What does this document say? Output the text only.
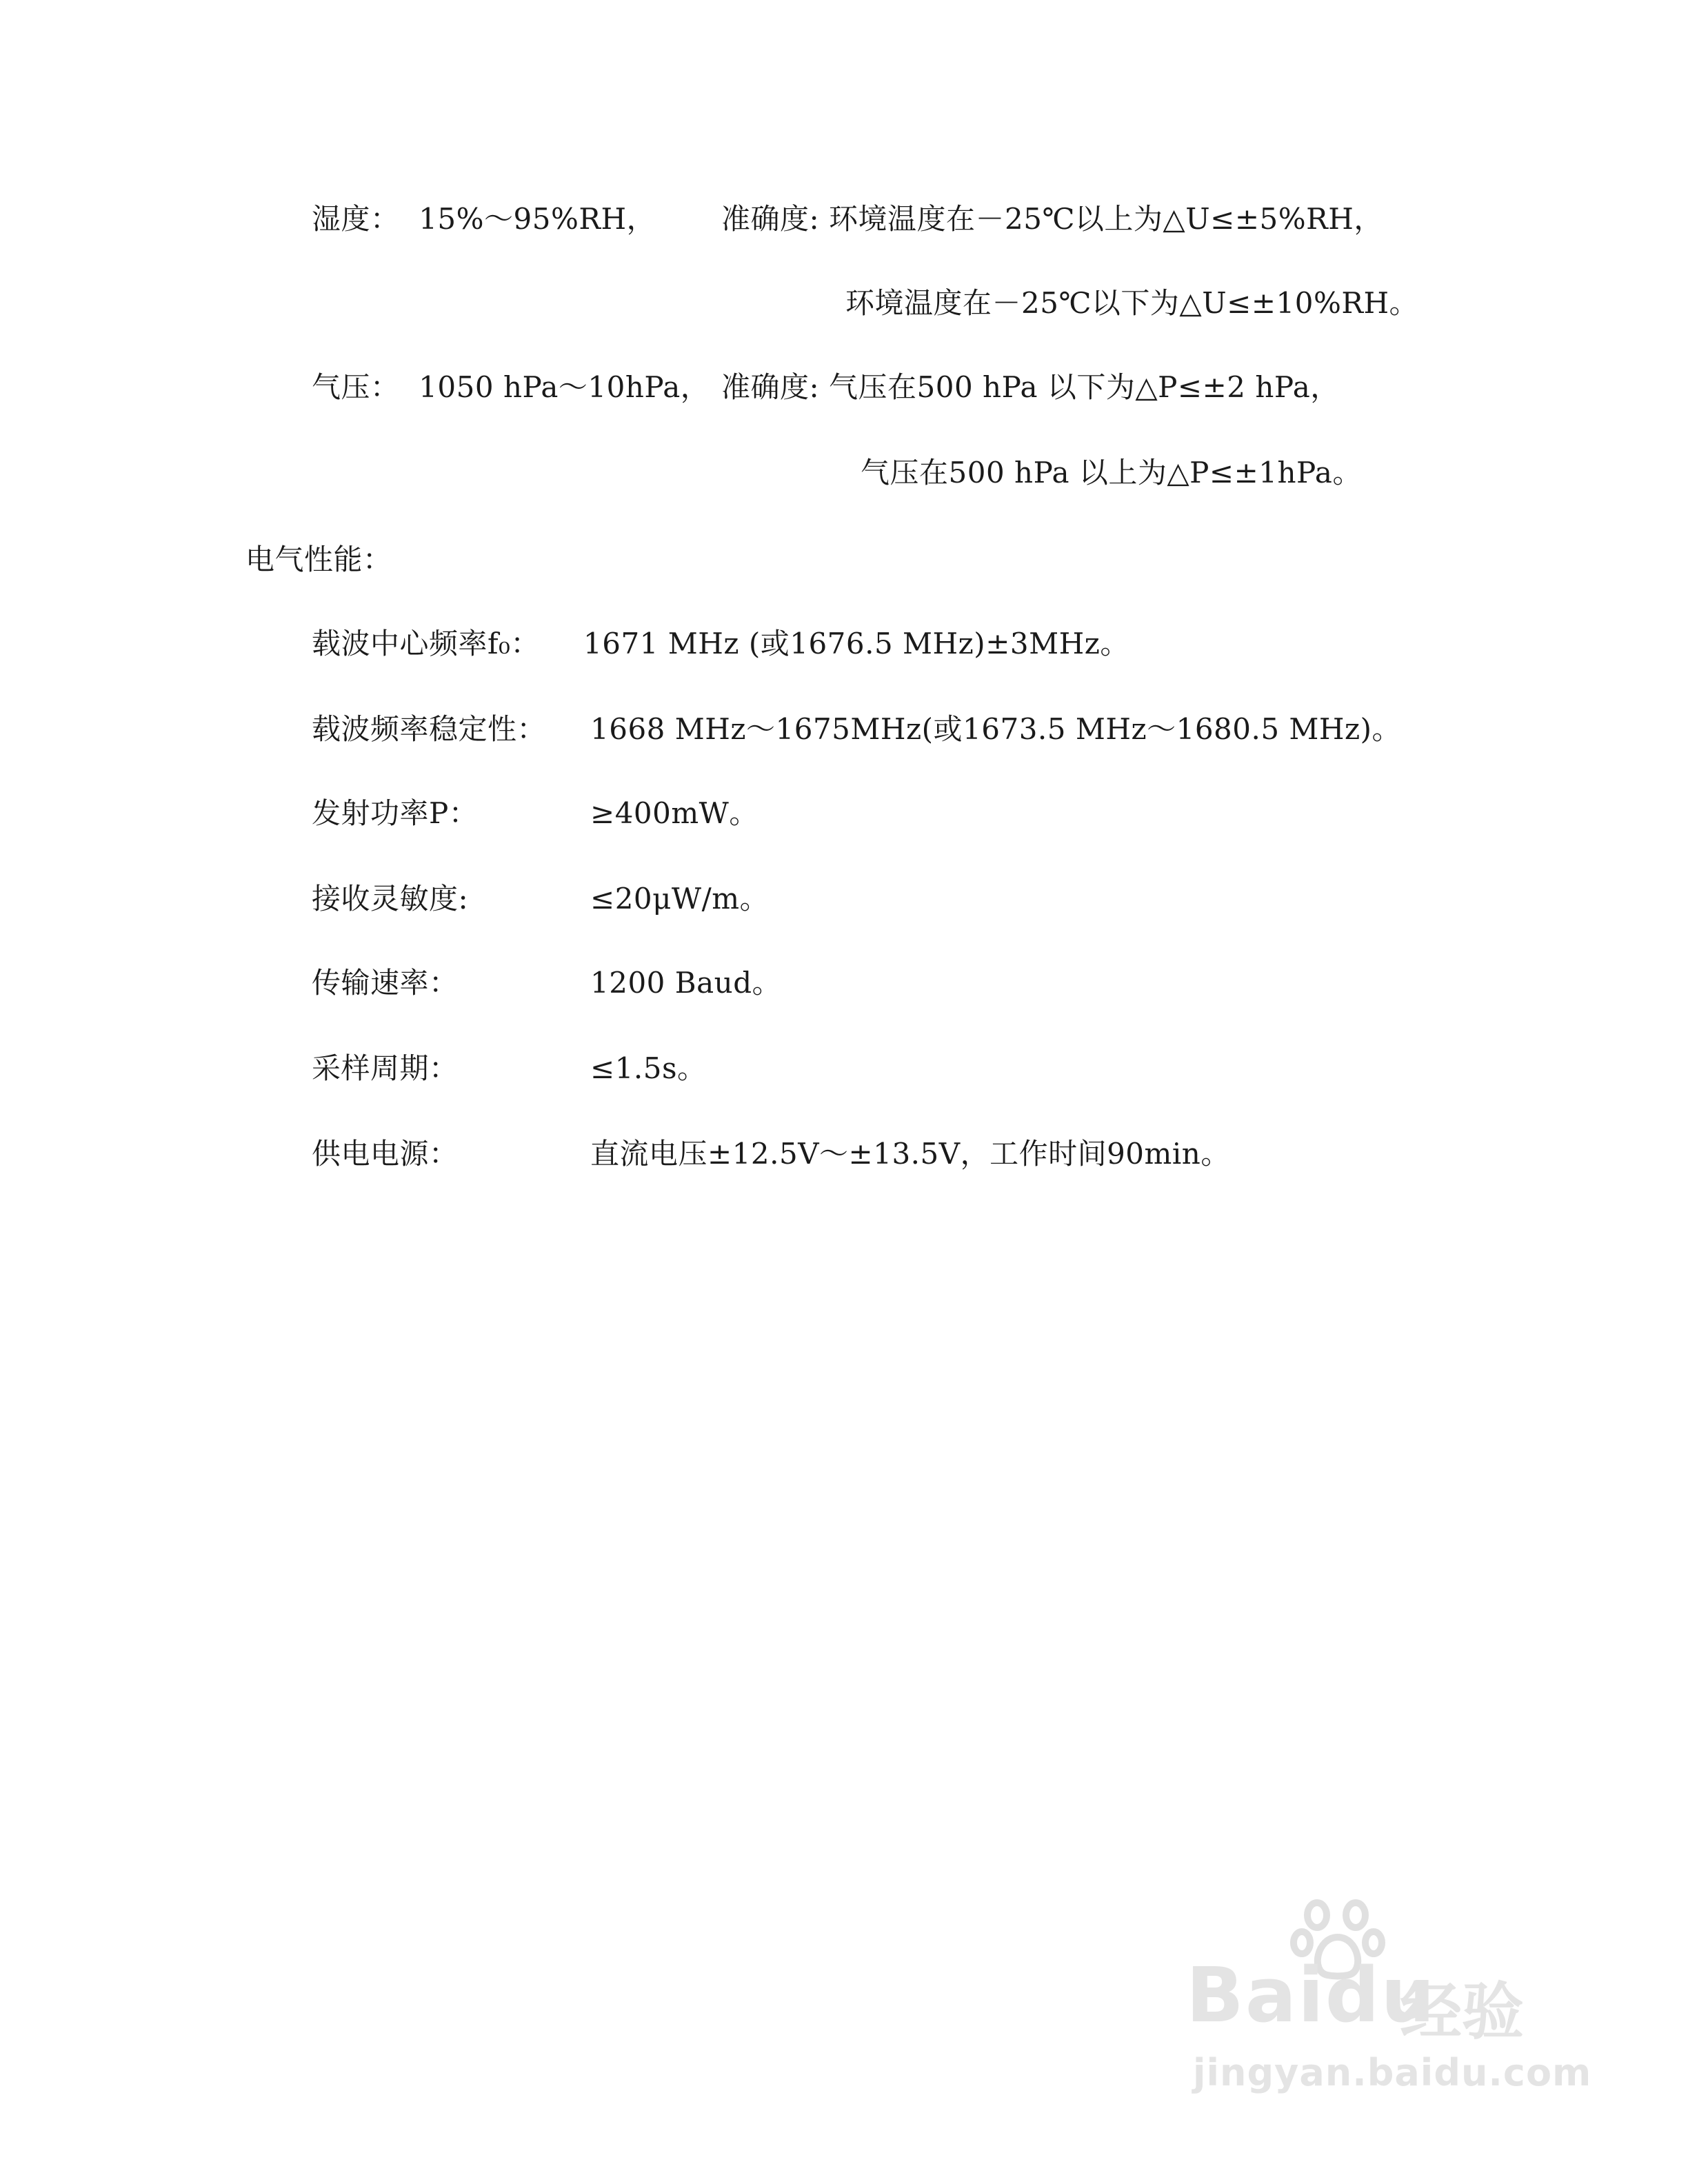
湿度：  15%～95%RH， 准确度: 环境温度在－25℃以上为△U≤±5%RH，
环境温度在－25℃以下为△U≤±10%RH。
气压：  1050 hPa～10hPa， 准确度: 气压在500 hPa 以下为△P≤±2 hPa，
气压在500 hPa 以上为△P≤±1hPa。
电气性能：
载波中心频率f₀： 1671 MHz (或1676.5 MHz)±3MHz。
载波频率稳定性： 1668 MHz～1675MHz(或1673.5 MHz～1680.5 MHz)。
发射功率P：	≥400mW。
接收灵敏度:	≤20μW/m。
传输速率：	1200 Baud。
采样周期：	≤1.5s。
供电电源：	直流电压±12.5V～±13.5V，工作时间90min。
Baidu
经验
jingyan.baidu.com
